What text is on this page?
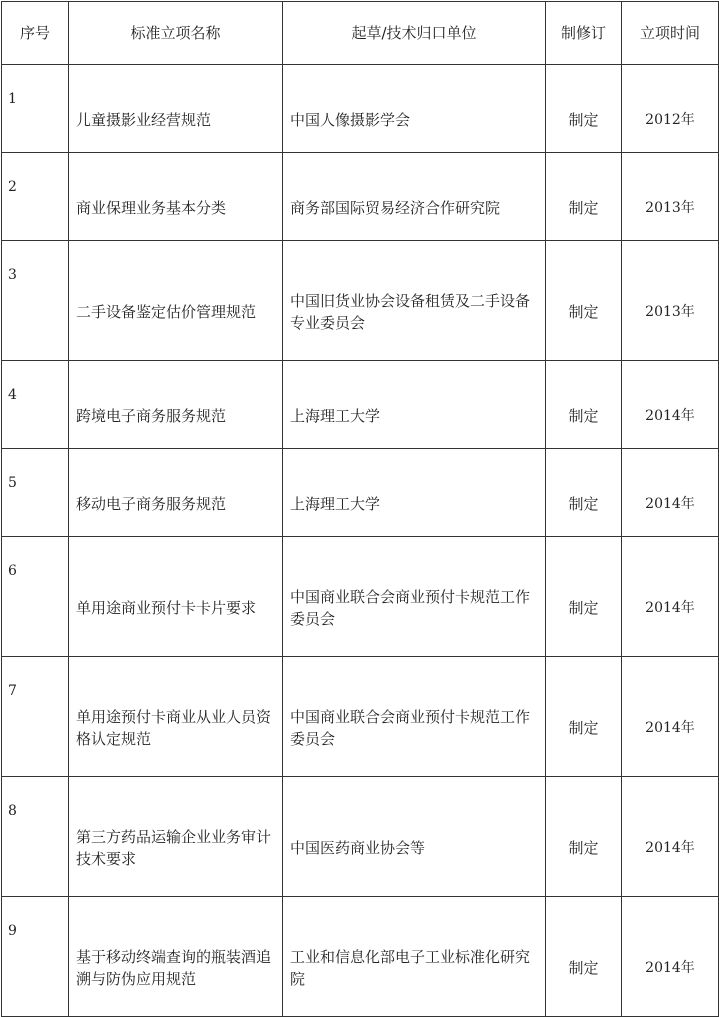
序号	标准立项名称	起草/技术归口单位	制修订	立项时间
1	儿童摄影业经营规范	中国人像摄影学会	制定	2012年

2	商业保理业务基本分类	商务部国际贸易经济合作研究院	制定	2013年

3	二手设备鉴定估价管理规范	中国旧货业协会设备租赁及二手设备专业委员会	制定	2013年

4	跨境电子商务服务规范	上海理工大学	制定	2014年

5	移动电子商务服务规范	上海理工大学	制定	2014年

6	单用途商业预付卡卡片要求	中国商业联合会商业预付卡规范工作委员会	制定	2014年

7	单用途预付卡商业从业人员资格认定规范	中国商业联合会商业预付卡规范工作委员会	制定	2014年

8	第三方药品运输企业业务审计技术要求	中国医药商业协会等	制定	2014年

9	基于移动终端查询的瓶装酒追溯与防伪应用规范	工业和信息化部电子工业标准化研究院	制定	2014年
